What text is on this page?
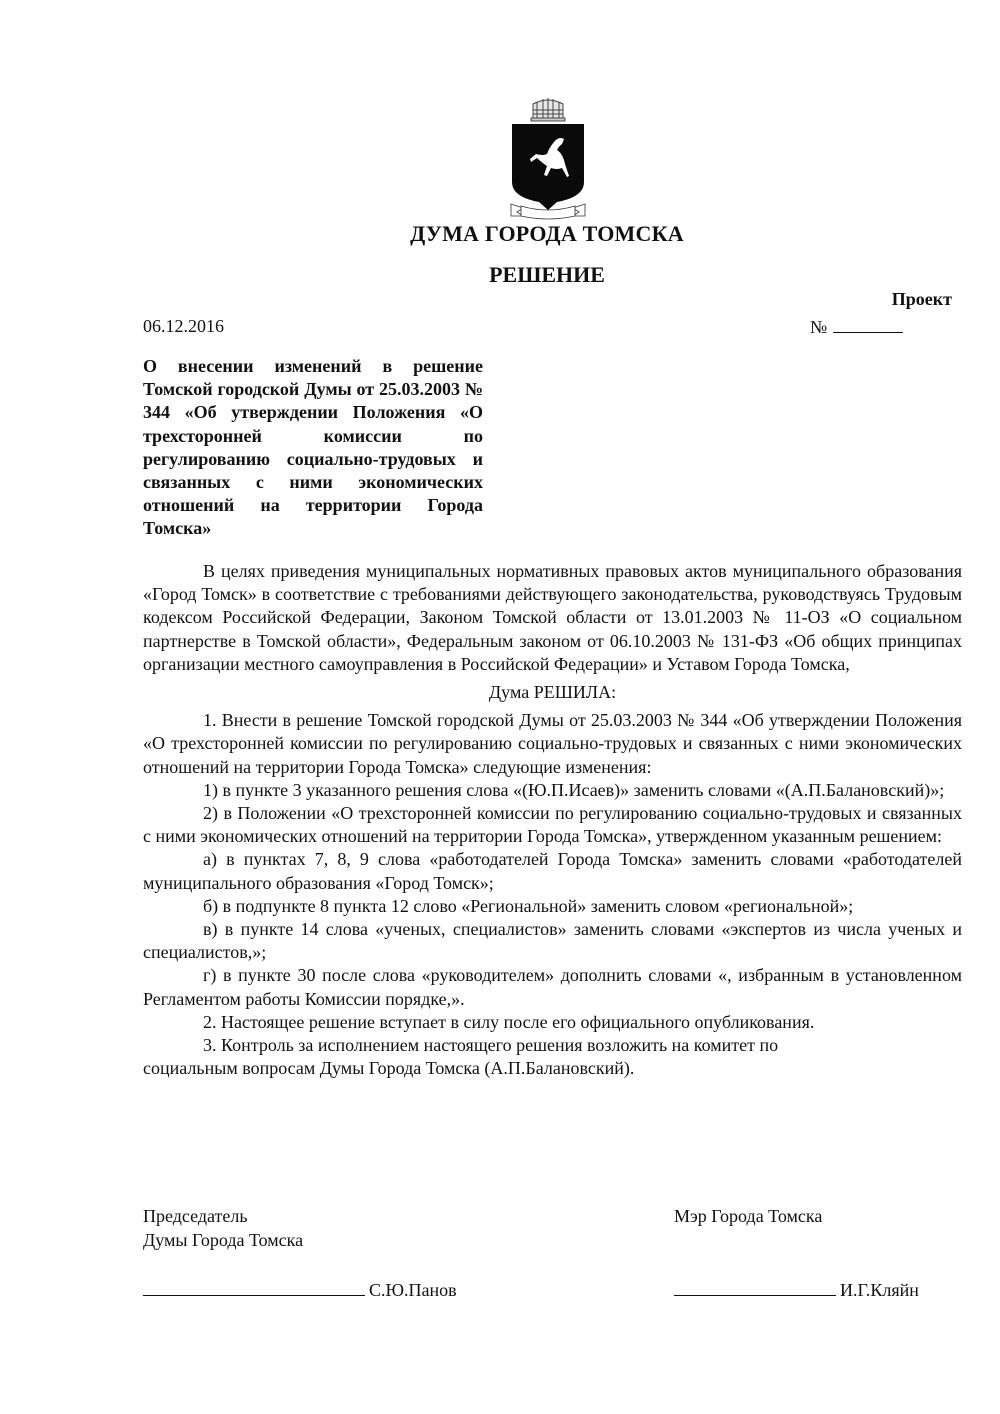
ДУМА ГОРОДА ТОМСКА
РЕШЕНИЕ
Проект
06.12.2016	№
О внесении изменений в решение Томской городской Думы от 25.03.2003 № 344 «Об утверждении Положения «О трехсторонней комиссии по регулированию социально-трудовых и связанных с ними экономических отношений на территории Города Томска»

В целях приведения муниципальных нормативных правовых актов муниципального образования «Город Томск» в соответствие с требованиями действующего законодательства, руководствуясь Трудовым кодексом Российской Федерации, Законом Томской области от 13.01.2003 № 11-ОЗ «О социальном партнерстве в Томской области», Федеральным законом от 06.10.2003 № 131-ФЗ «Об общих принципах организации местного самоуправления в Российской Федерации» и Уставом Города Томска,

Дума РЕШИЛА:

1. Внести в решение Томской городской Думы от 25.03.2003 № 344 «Об утверждении Положения «О трехсторонней комиссии по регулированию социально-трудовых и связанных с ними экономических отношений на территории Города Томска» следующие изменения:

1) в пункте 3 указанного решения слова «(Ю.П.Исаев)» заменить словами «(А.П.Балановский)»;

2) в Положении «О трехсторонней комиссии по регулированию социально-трудовых и связанных с ними экономических отношений на территории Города Томска», утвержденном указанным решением:

а) в пунктах 7, 8, 9 слова «работодателей Города Томска» заменить словами «работодателей муниципального образования «Город Томск»;

б) в подпункте 8 пункта 12 слово «Региональной» заменить словом «региональной»;

в) в пункте 14 слова «ученых, специалистов» заменить словами «экспертов из числа ученых и специалистов,»;

г) в пункте 30 после слова «руководителем» дополнить словами «, избранным в установленном Регламентом работы Комиссии порядке,».

2. Настоящее решение вступает в силу после его официального опубликования.

3. Контроль за исполнением настоящего решения возложить на комитет по социальным вопросам Думы Города Томска (А.П.Балановский).

Председатель
Думы Города Томска
Мэр Города Томска
С.Ю.Панов	И.Г.Кляйн
